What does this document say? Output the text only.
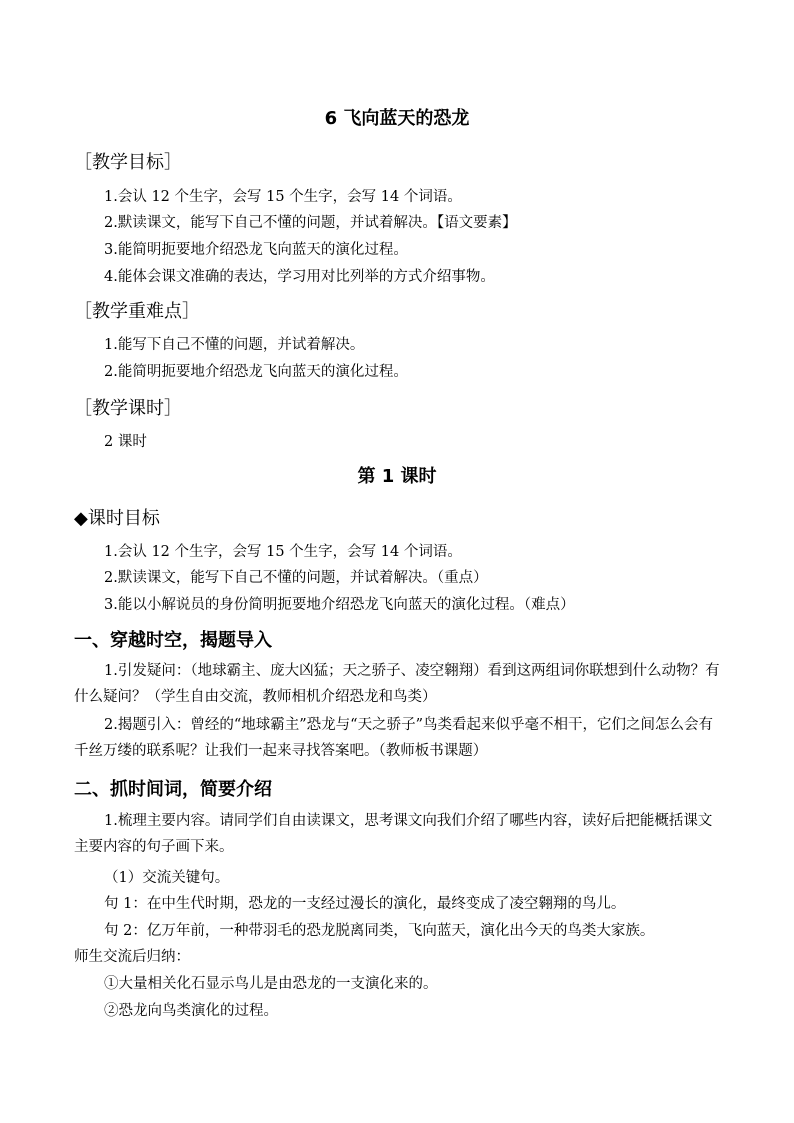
6 飞向蓝天的恐龙
［教学目标］
1.会认 12 个生字，会写 15 个生字，会写 14 个词语。
2.默读课文，能写下自己不懂的问题，并试着解决。【语文要素】
3.能简明扼要地介绍恐龙飞向蓝天的演化过程。
4.能体会课文准确的表达，学习用对比列举的方式介绍事物。
［教学重难点］
1.能写下自己不懂的问题，并试着解决。
2.能简明扼要地介绍恐龙飞向蓝天的演化过程。
［教学课时］
2 课时
第 1 课时
◆课时目标
1.会认 12 个生字，会写 15 个生字，会写 14 个词语。
2.默读课文，能写下自己不懂的问题，并试着解决。（重点）
3.能以小解说员的身份简明扼要地介绍恐龙飞向蓝天的演化过程。（难点）
一、穿越时空，揭题导入
1.引发疑问：（地球霸主、庞大凶猛；天之骄子、凌空翱翔）看到这两组词你联想到什么动物？有什么疑问？（学生自由交流，教师相机介绍恐龙和鸟类）
2.揭题引入：曾经的“地球霸主”恐龙与“天之骄子”鸟类看起来似乎毫不相干，它们之间怎么会有千丝万缕的联系呢？让我们一起来寻找答案吧。（教师板书课题）
二、抓时间词，简要介绍
1.梳理主要内容。请同学们自由读课文，思考课文向我们介绍了哪些内容，读好后把能概括课文主要内容的句子画下来。
（1）交流关键句。
句 1：在中生代时期，恐龙的一支经过漫长的演化，最终变成了凌空翱翔的鸟儿。
句 2：亿万年前，一种带羽毛的恐龙脱离同类，飞向蓝天，演化出今天的鸟类大家族。
师生交流后归纳：
①大量相关化石显示鸟儿是由恐龙的一支演化来的。
②恐龙向鸟类演化的过程。
